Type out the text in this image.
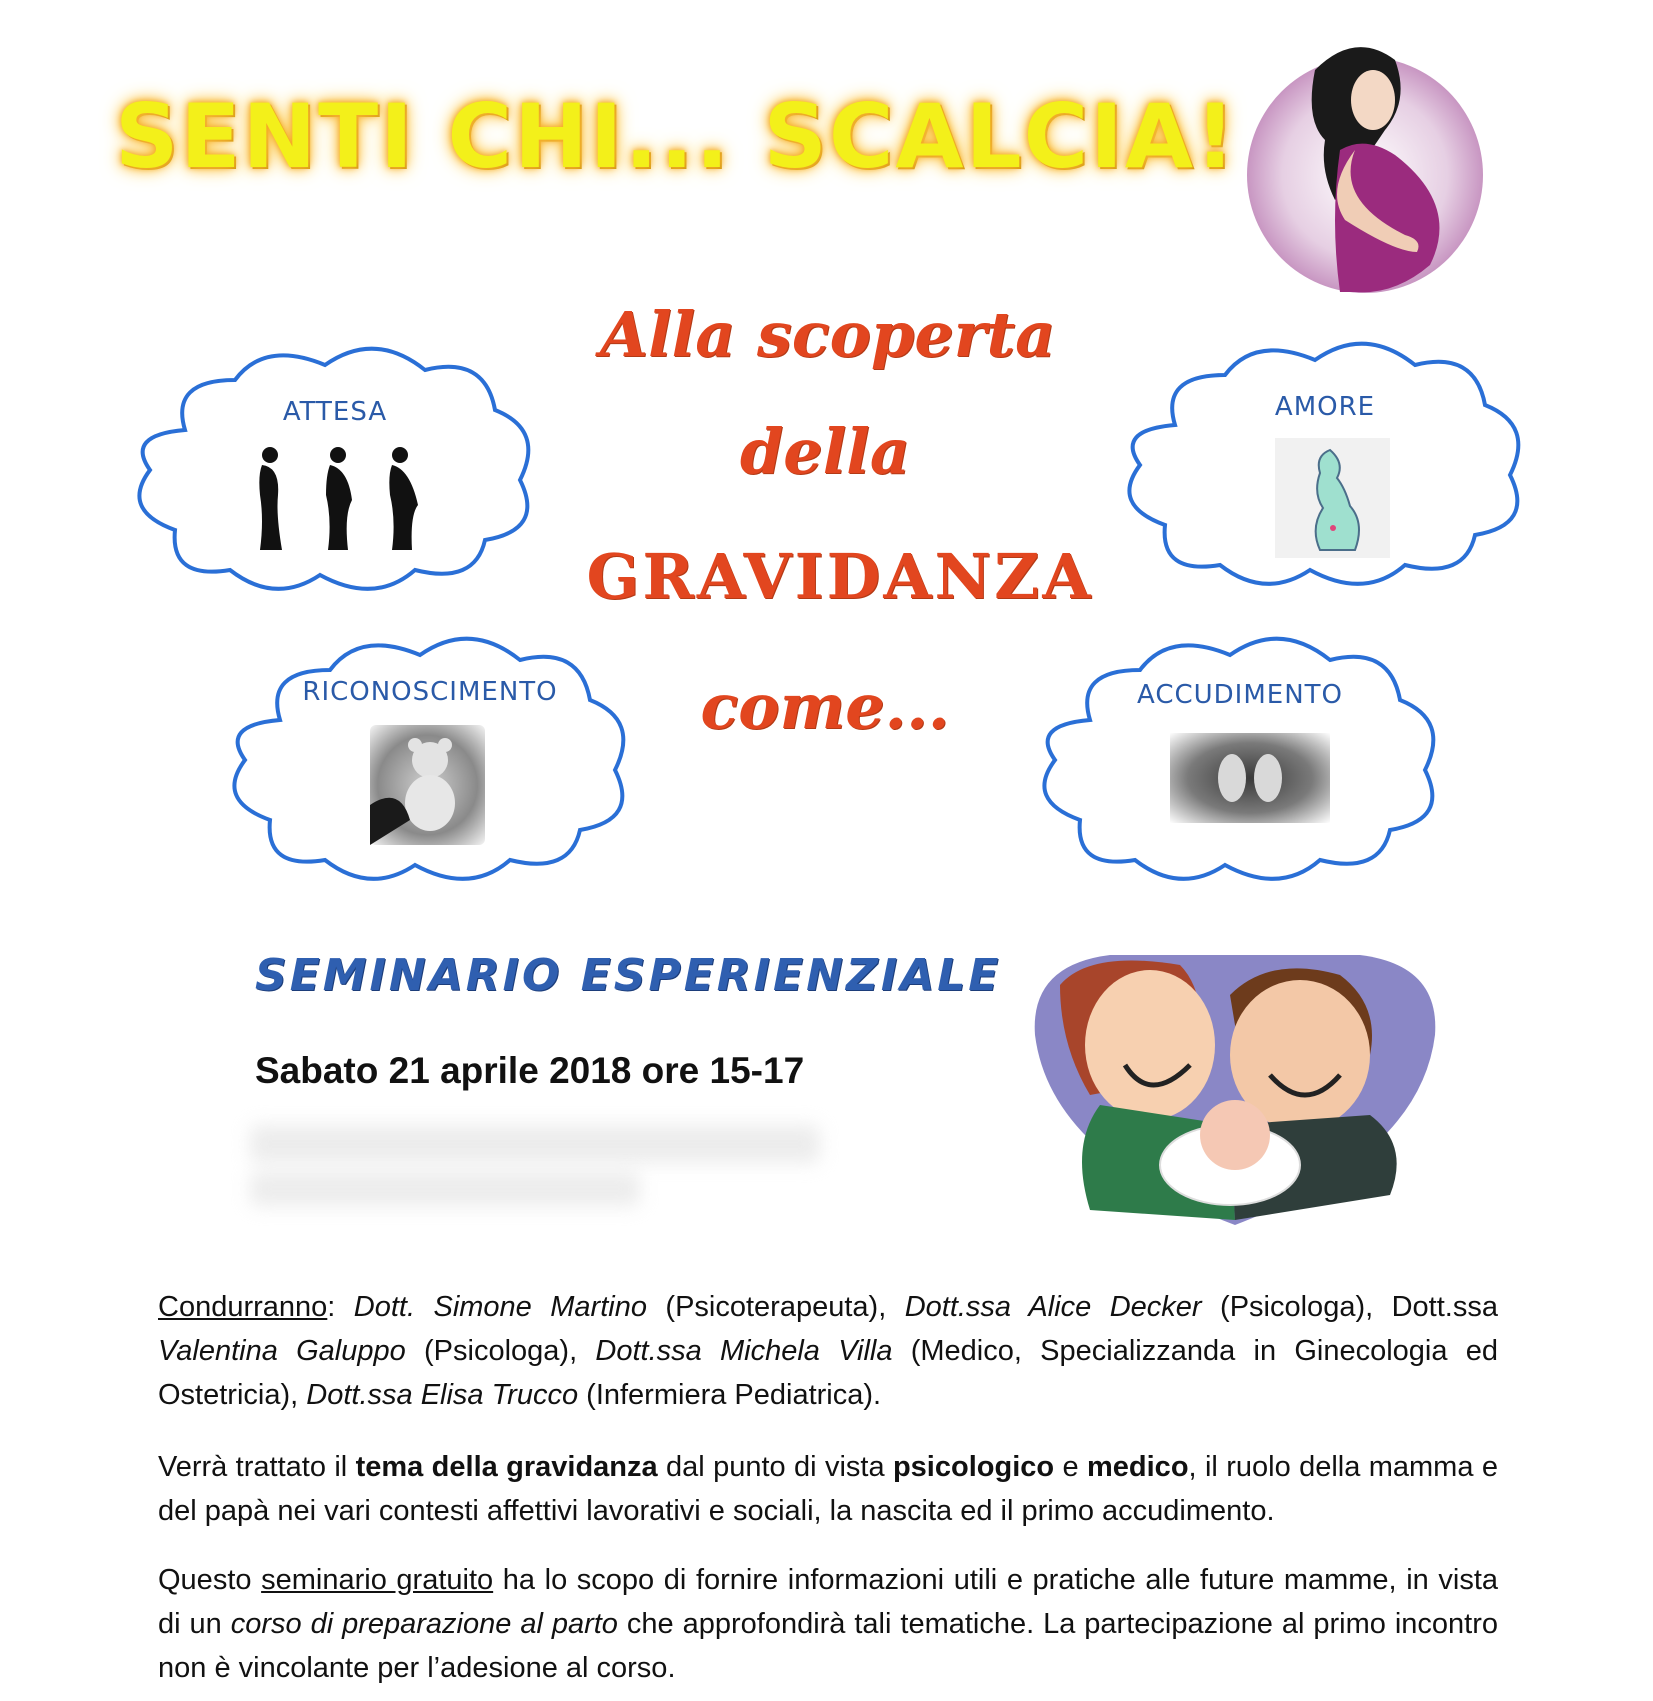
SENTI CHI... SCALCIA!
Alla scoperta
della
GRAVIDANZA
come...
ATTESA	AMORE
RICONOSCIMENTO	ACCUDIMENTO
SEMINARIO ESPERIENZIALE
Sabato 21 aprile 2018 ore 15-17
Condurranno: Dott. Simone Martino (Psicoterapeuta), Dott.ssa Alice Decker (Psicologa), Dott.ssa Valentina Galuppo (Psicologa), Dott.ssa Michela Villa (Medico, Specializzanda in Ginecologia ed Ostetricia), Dott.ssa Elisa Trucco (Infermiera Pediatrica).
Verrà trattato il tema della gravidanza dal punto di vista psicologico e medico, il ruolo della mamma e del papà nei vari contesti affettivi lavorativi e sociali, la nascita ed il primo accudimento.
Questo seminario gratuito ha lo scopo di fornire informazioni utili e pratiche alle future mamme, in vista di un corso di preparazione al parto che approfondirà tali tematiche. La partecipazione al primo incontro non è vincolante per l’adesione al corso.
